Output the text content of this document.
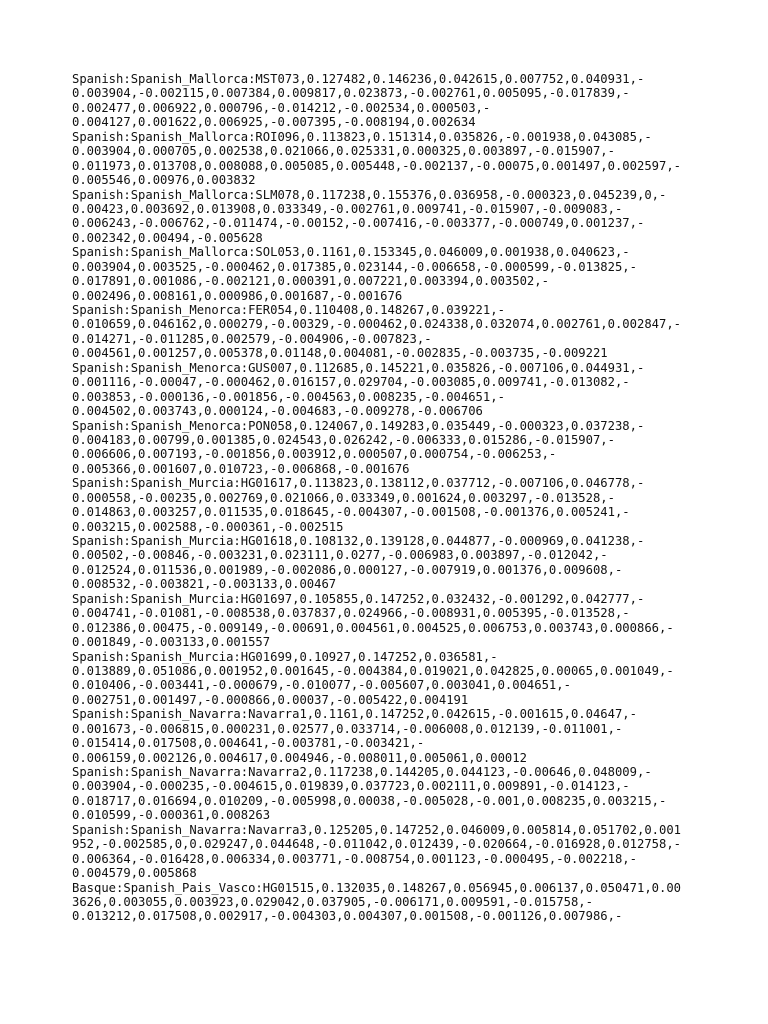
Spanish:Spanish_Mallorca:MST073,0.127482,0.146236,0.042615,0.007752,0.040931,-
0.003904,-0.002115,0.007384,0.009817,0.023873,-0.002761,0.005095,-0.017839,-
0.002477,0.006922,0.000796,-0.014212,-0.002534,0.000503,-
0.004127,0.001622,0.006925,-0.007395,-0.008194,0.002634
Spanish:Spanish_Mallorca:ROI096,0.113823,0.151314,0.035826,-0.001938,0.043085,-
0.003904,0.000705,0.002538,0.021066,0.025331,0.000325,0.003897,-0.015907,-
0.011973,0.013708,0.008088,0.005085,0.005448,-0.002137,-0.00075,0.001497,0.002597,-
0.005546,0.00976,0.003832
Spanish:Spanish_Mallorca:SLM078,0.117238,0.155376,0.036958,-0.000323,0.045239,0,-
0.00423,0.003692,0.013908,0.033349,-0.002761,0.009741,-0.015907,-0.009083,-
0.006243,-0.006762,-0.011474,-0.00152,-0.007416,-0.003377,-0.000749,0.001237,-
0.002342,0.00494,-0.005628
Spanish:Spanish_Mallorca:SOL053,0.1161,0.153345,0.046009,0.001938,0.040623,-
0.003904,0.003525,-0.000462,0.017385,0.023144,-0.006658,-0.000599,-0.013825,-
0.017891,0.001086,-0.002121,0.000391,0.007221,0.003394,0.003502,-
0.002496,0.008161,0.000986,0.001687,-0.001676
Spanish:Spanish_Menorca:FER054,0.110408,0.148267,0.039221,-
0.010659,0.046162,0.000279,-0.00329,-0.000462,0.024338,0.032074,0.002761,0.002847,-
0.014271,-0.011285,0.002579,-0.004906,-0.007823,-
0.004561,0.001257,0.005378,0.01148,0.004081,-0.002835,-0.003735,-0.009221
Spanish:Spanish_Menorca:GUS007,0.112685,0.145221,0.035826,-0.007106,0.044931,-
0.001116,-0.00047,-0.000462,0.016157,0.029704,-0.003085,0.009741,-0.013082,-
0.003853,-0.000136,-0.001856,-0.004563,0.008235,-0.004651,-
0.004502,0.003743,0.000124,-0.004683,-0.009278,-0.006706
Spanish:Spanish_Menorca:PON058,0.124067,0.149283,0.035449,-0.000323,0.037238,-
0.004183,0.00799,0.001385,0.024543,0.026242,-0.006333,0.015286,-0.015907,-
0.006606,0.007193,-0.001856,0.003912,0.000507,0.000754,-0.006253,-
0.005366,0.001607,0.010723,-0.006868,-0.001676
Spanish:Spanish_Murcia:HG01617,0.113823,0.138112,0.037712,-0.007106,0.046778,-
0.000558,-0.00235,0.002769,0.021066,0.033349,0.001624,0.003297,-0.013528,-
0.014863,0.003257,0.011535,0.018645,-0.004307,-0.001508,-0.001376,0.005241,-
0.003215,0.002588,-0.000361,-0.002515
Spanish:Spanish_Murcia:HG01618,0.108132,0.139128,0.044877,-0.000969,0.041238,-
0.00502,-0.00846,-0.003231,0.023111,0.0277,-0.006983,0.003897,-0.012042,-
0.012524,0.011536,0.001989,-0.002086,0.000127,-0.007919,0.001376,0.009608,-
0.008532,-0.003821,-0.003133,0.00467
Spanish:Spanish_Murcia:HG01697,0.105855,0.147252,0.032432,-0.001292,0.042777,-
0.004741,-0.01081,-0.008538,0.037837,0.024966,-0.008931,0.005395,-0.013528,-
0.012386,0.00475,-0.009149,-0.00691,0.004561,0.004525,0.006753,0.003743,0.000866,-
0.001849,-0.003133,0.001557
Spanish:Spanish_Murcia:HG01699,0.10927,0.147252,0.036581,-
0.013889,0.051086,0.001952,0.001645,-0.004384,0.019021,0.042825,0.00065,0.001049,-
0.010406,-0.003441,-0.000679,-0.010077,-0.005607,0.003041,0.004651,-
0.002751,0.001497,-0.000866,0.00037,-0.005422,0.004191
Spanish:Spanish_Navarra:Navarra1,0.1161,0.147252,0.042615,-0.001615,0.04647,-
0.001673,-0.006815,0.000231,0.02577,0.033714,-0.006008,0.012139,-0.011001,-
0.015414,0.017508,0.004641,-0.003781,-0.003421,-
0.006159,0.002126,0.004617,0.004946,-0.008011,0.005061,0.00012
Spanish:Spanish_Navarra:Navarra2,0.117238,0.144205,0.044123,-0.00646,0.048009,-
0.003904,-0.000235,-0.004615,0.019839,0.037723,0.002111,0.009891,-0.014123,-
0.018717,0.016694,0.010209,-0.005998,0.00038,-0.005028,-0.001,0.008235,0.003215,-
0.010599,-0.000361,0.008263
Spanish:Spanish_Navarra:Navarra3,0.125205,0.147252,0.046009,0.005814,0.051702,0.001
952,-0.002585,0,0.029247,0.044648,-0.011042,0.012439,-0.020664,-0.016928,0.012758,-
0.006364,-0.016428,0.006334,0.003771,-0.008754,0.001123,-0.000495,-0.002218,-
0.004579,0.005868
Basque:Spanish_Pais_Vasco:HG01515,0.132035,0.148267,0.056945,0.006137,0.050471,0.00
3626,0.003055,0.003923,0.029042,0.037905,-0.006171,0.009591,-0.015758,-
0.013212,0.017508,0.002917,-0.004303,0.004307,0.001508,-0.001126,0.007986,-
